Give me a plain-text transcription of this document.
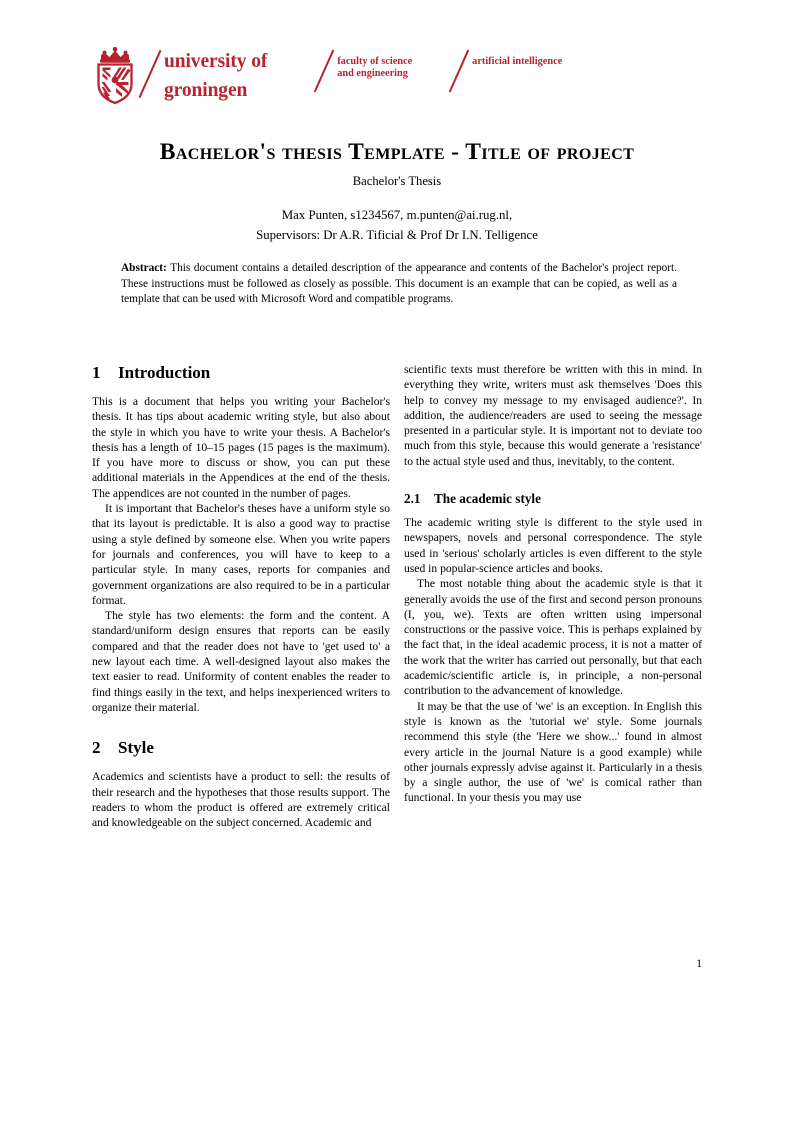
university of
groningen
faculty of science
and engineering
artificial intelligence
Bachelor's thesis Template - Title of project
Bachelor's Thesis
Max Punten, s1234567, m.punten@ai.rug.nl,
Supervisors: Dr A.R. Tificial & Prof Dr I.N. Telligence
Abstract: This document contains a detailed description of the appearance and contents of the Bachelor's project report. These instructions must be followed as closely as possible. This document is an example that can be copied, as well as a template that can be used with Microsoft Word and compatible programs.
1 Introduction

This is a document that helps you writing your Bachelor's thesis. It has tips about academic writing style, but also about the style in which you have to write your thesis. A Bachelor's thesis has a length of 10–15 pages (15 pages is the maximum). If you have more to discuss or show, you can put these additional materials in the Appendices at the end of the thesis. The appendices are not counted in the number of pages.

It is important that Bachelor's theses have a uniform style so that its layout is predictable. It is also a good way to practise using a style defined by someone else. When you write papers for journals and conferences, you will have to keep to a particular style. In many cases, reports for companies and government organizations are also required to be in a particular format.

The style has two elements: the form and the content. A standard/uniform design ensures that reports can be easily compared and that the reader does not have to 'get used to' a new layout each time. A well-designed layout also makes the text easier to read. Uniformity of content enables the reader to find things easily in the text, and helps inexperienced writers to organize their material.

2 Style

Academics and scientists have a product to sell: the results of their research and the hypotheses that those results support. The readers to whom the product is offered are extremely critical and knowledgeable on the subject concerned. Academic and

scientific texts must therefore be written with this in mind. In everything they write, writers must ask themselves 'Does this help to convey my message to my envisaged audience?'. In addition, the audience/readers are used to seeing the message presented in a particular style. It is important not to deviate too much from this style, because this would generate a 'resistance' to the actual style used and thus, inevitably, to the content.

2.1 The academic style

The academic writing style is different to the style used in newspapers, novels and personal correspondence. The style used in 'serious' scholarly articles is even different to the style used in popular-science articles and books.

The most notable thing about the academic style is that it generally avoids the use of the first and second person pronouns (I, you, we). Texts are often written using impersonal constructions or the passive voice. This is perhaps explained by the fact that, in the ideal academic process, it is not a matter of the work that the writer has carried out personally, but that each academic/scientific article is, in principle, a non-personal contribution to the advancement of knowledge.

It may be that the use of 'we' is an exception. In English this style is known as the 'tutorial we' style. Some journals recommend this style (the 'Here we show...' found in almost every article in the journal Nature is a good example) while other journals expressly advise against it. Particularly in a thesis by a single author, the use of 'we' is comical rather than functional. In your thesis you may use

1
